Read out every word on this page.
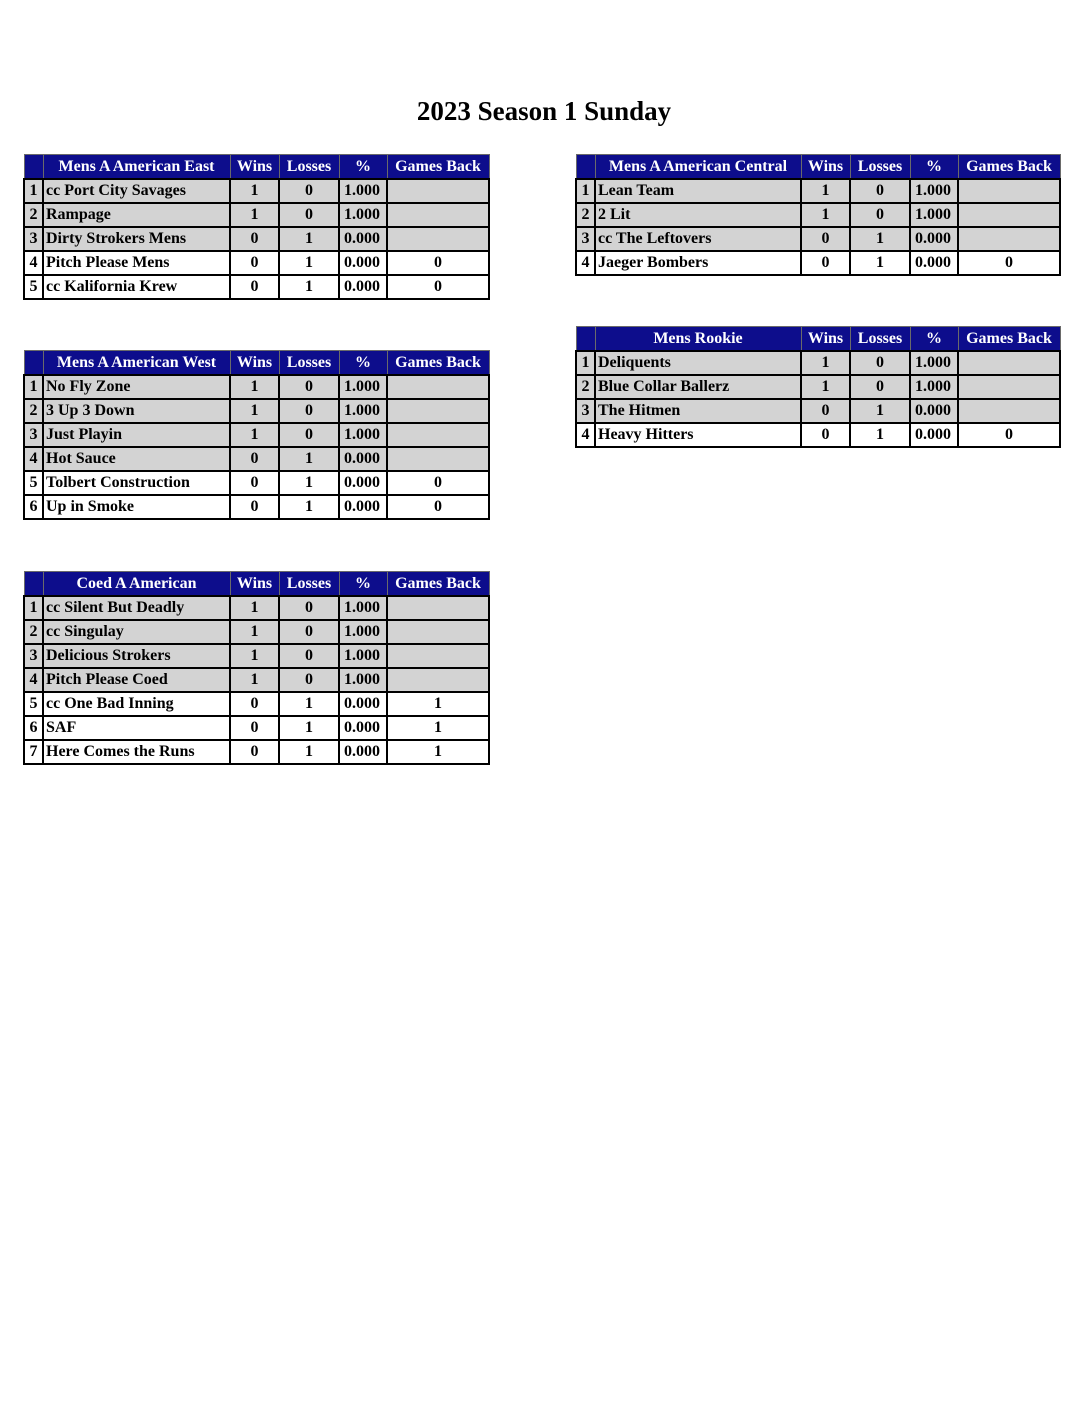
2023 Season 1 Sunday
	Mens A American East	Wins	Losses	%	Games Back
1	cc Port City Savages	1	0	1.000	
2	Rampage	1	0	1.000	
3	Dirty Strokers Mens	0	1	0.000	
4	Pitch Please Mens	0	1	0.000	0
5	cc Kalifornia Krew	0	1	0.000	0
	Mens A American Central	Wins	Losses	%	Games Back
1	Lean Team	1	0	1.000	
2	2 Lit	1	0	1.000	
3	cc The Leftovers	0	1	0.000	
4	Jaeger Bombers	0	1	0.000	0
	Mens A American West	Wins	Losses	%	Games Back
1	No Fly Zone	1	0	1.000	
2	3 Up 3 Down	1	0	1.000	
3	Just Playin	1	0	1.000	
4	Hot Sauce	0	1	0.000	
5	Tolbert Construction	0	1	0.000	0
6	Up in Smoke	0	1	0.000	0
	Mens Rookie	Wins	Losses	%	Games Back
1	Deliquents	1	0	1.000	
2	Blue Collar Ballerz	1	0	1.000	
3	The Hitmen	0	1	0.000	
4	Heavy Hitters	0	1	0.000	0
	Coed A American	Wins	Losses	%	Games Back
1	cc Silent But Deadly	1	0	1.000	
2	cc Singulay	1	0	1.000	
3	Delicious Strokers	1	0	1.000	
4	Pitch Please Coed	1	0	1.000	
5	cc One Bad Inning	0	1	0.000	1
6	SAF	0	1	0.000	1
7	Here Comes the Runs	0	1	0.000	1
